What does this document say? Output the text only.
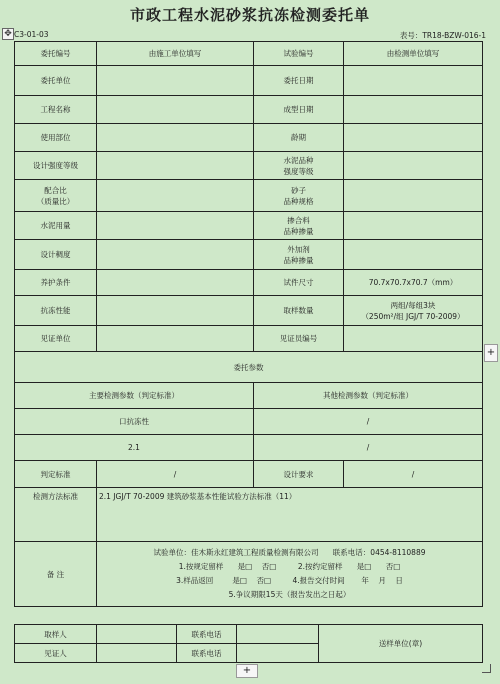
市政工程水泥砂浆抗冻检测委托单
✥ C3-01-03	表号：TR18-BZW-016-1
委托编号	由施工单位填写	试验编号	由检测单位填写
委托单位		委托日期	
工程名称		成型日期	
使用部位		龄期	
设计强度等级		水泥品种
强度等级	
配合比
（质量比）		砂子
品种规格	
水泥用量		掺合料
品种掺量	
设计稠度		外加剂
品种掺量	
养护条件		试件尺寸	70.7x70.7x70.7（mm）
抗冻性能		取样数量	两组/每组3块
（250m²/组 JGJ/T 70-2009）
见证单位		见证员编号	
委托参数			
主要检测参数（判定标准）		其他检测参数（判定标准）	
口抗冻性		/	
2.1		/	
判定标准	/	设计要求	/
检测方法标准	2.1 JGJ/T 70-2009 建筑砂浆基本性能试验方法标准（11）		
备 注	试验单位：佳木斯永红建筑工程质量检测有限公司      联系电话：0454-8110889
1.按规定留样      是□    否□         2.按约定留样      是□      否□
3.样品返回        是□    否□         4.报告交付时间       年    月    日
5.争议期限15天（报告发出之日起）		
取样人		联系电话		送样单位(章)
见证人		联系电话		
+
+
